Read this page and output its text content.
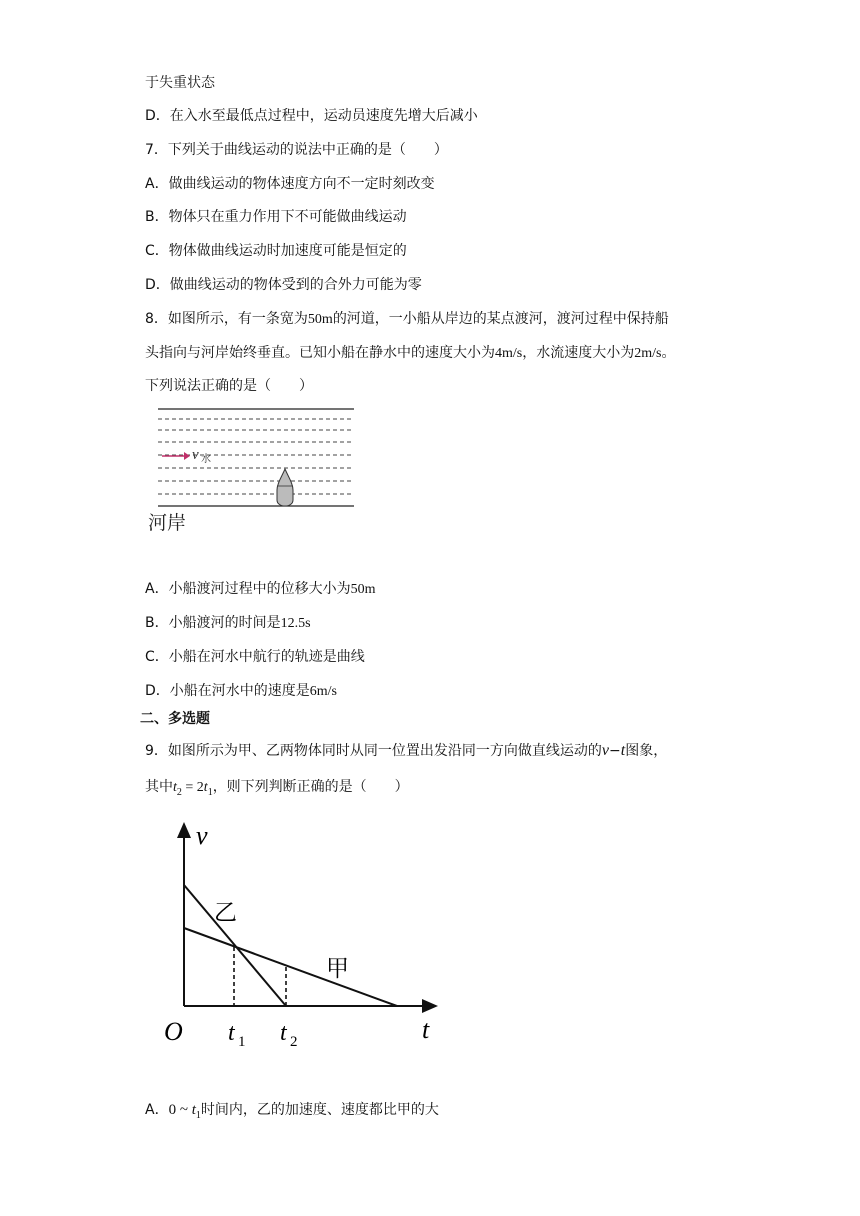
于失重状态
D．在入水至最低点过程中，运动员速度先增大后减小
7．下列关于曲线运动的说法中正确的是（　　）
A．做曲线运动的物体速度方向不一定时刻改变
B．物体只在重力作用下不可能做曲线运动
C．物体做曲线运动时加速度可能是恒定的
D．做曲线运动的物体受到的合外力可能为零
8．如图所示，有一条宽为50m的河道，一小船从岸边的某点渡河，渡河过程中保持船
头指向与河岸始终垂直。已知小船在静水中的速度大小为4m/s，水流速度大小为2m/s。
下列说法正确的是（　　）
v 水
河岸
A．小船渡河过程中的位移大小为50m
B．小船渡河的时间是12.5s
C．小船在河水中航行的轨迹是曲线
D．小船在河水中的速度是6m/s
二、多选题
9．如图所示为甲、乙两物体同时从同一位置出发沿同一方向做直线运动的v−t图象，
其中$t_2 = 2t_1$，则下列判断正确的是（　　）
v
t
O t 1 t 2
乙
甲
A．0 ~ $t_1$时间内，乙的加速度、速度都比甲的大
